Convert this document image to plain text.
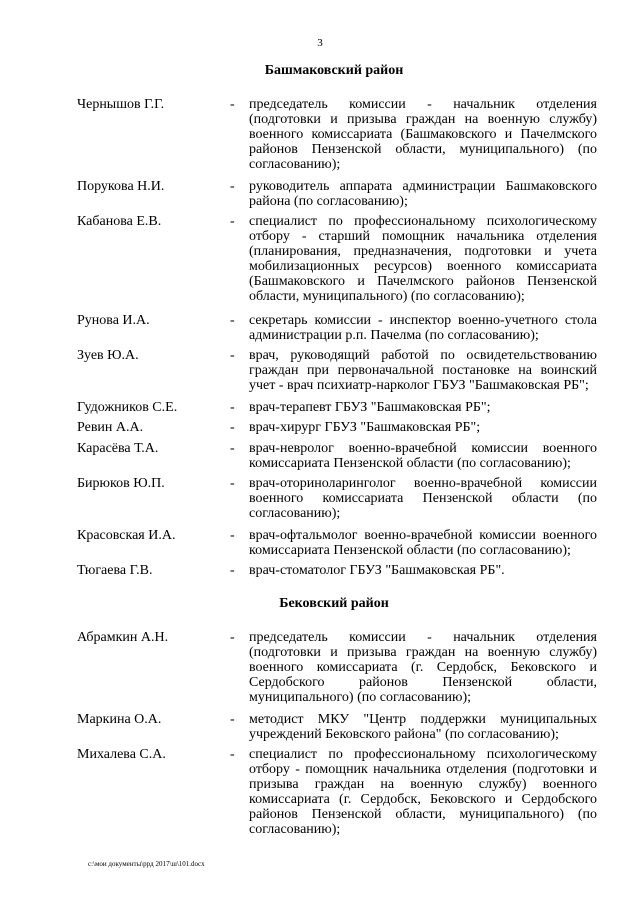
3
Башмаковский район
Чернышов Г.Г.	- председатель комиссии - начальник отделения (подготовки и призыва граждан на военную службу) военного комиссариата (Башмаковского и Пачелмского районов Пензенской области, муниципального) (по согласованию);
Порукова Н.И.	- руководитель аппарата администрации Башмаковского района (по согласованию);
Кабанова Е.В.	- специалист по профессиональному психологическому отбору - старший помощник начальника отделения (планирования, предназначения, подготовки и учета мобилизационных ресурсов) военного комиссариата (Башмаковского и Пачелмского районов Пензенской области, муниципального) (по согласованию);
Рунова И.А.	- секретарь комиссии - инспектор военно-учетного стола администрации р.п. Пачелма (по согласованию);
Зуев Ю.А.	- врач, руководящий работой по освидетельствованию граждан при первоначальной постановке на воинский учет - врач психиатр-нарколог ГБУЗ "Башмаковская РБ";
Гудожников С.Е.	- врач-терапевт ГБУЗ "Башмаковская РБ";
Ревин А.А.	- врач-хирург ГБУЗ "Башмаковская РБ";
Карасёва Т.А.	- врач-невролог военно-врачебной комиссии военного комиссариата Пензенской области (по согласованию);
Бирюков Ю.П.	- врач-оториноларинголог военно-врачебной комиссии военного комиссариата Пензенской области (по согласованию);
Красовская И.А.	- врач-офтальмолог военно-врачебной комиссии военного комиссариата Пензенской области (по согласованию);
Тюгаева Г.В.	- врач-стоматолог ГБУЗ "Башмаковская РБ".
Бековский район
Абрамкин А.Н.	- председатель комиссии - начальник отделения (подготовки и призыва граждан на военную службу) военного комиссариата (г. Сердобск, Бековского и Сердобского районов Пензенской области, муниципального) (по согласованию);
Маркина О.А.	- методист МКУ "Центр поддержки муниципальных учреждений Бековского района" (по согласованию);
Михалева С.А.	- специалист по профессиональному психологическому отбору - помощник начальника отделения (подготовки и призыва граждан на военную службу) военного комиссариата (г. Сердобск, Бековского и Сердобского районов Пензенской области, муниципального) (по согласованию);
c:\мои документы\ppд 2017\ш\101.docx
